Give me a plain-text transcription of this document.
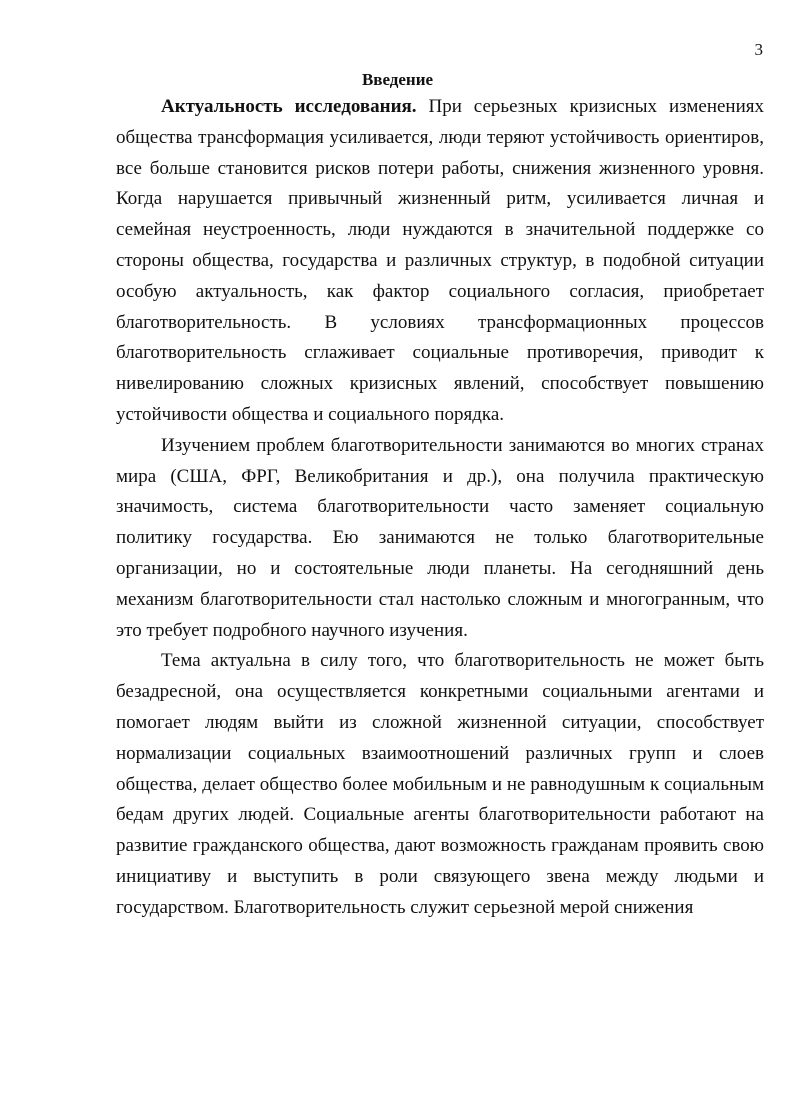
3
Введение

Актуальность исследования. При серьезных кризисных изменениях общества трансформация усиливается, люди теряют устойчивость ориентиров, все больше становится рисков потери работы, снижения жизненного уровня. Когда нарушается привычный жизненный ритм, усиливается личная и семейная неустроенность, люди нуждаются в значительной поддержке со стороны общества, государства и различных структур, в подобной ситуации особую актуальность, как фактор социального согласия, приобретает благотворительность. В условиях трансформационных процессов благотворительность сглаживает социальные противоречия, приводит к нивелированию сложных кризисных явлений, способствует повышению устойчивости общества и социального порядка.

Изучением проблем благотворительности занимаются во многих странах мира (США, ФРГ, Великобритания и др.), она получила практическую значимость, система благотворительности часто заменяет социальную политику государства. Ею занимаются не только благотворительные организации, но и состоятельные люди планеты. На сегодняшний день механизм благотворительности стал настолько сложным и многогранным, что это требует подробного научного изучения.

Тема актуальна в силу того, что благотворительность не может быть безадресной, она осуществляется конкретными социальными агентами и помогает людям выйти из сложной жизненной ситуации, способствует нормализации социальных взаимоотношений различных групп и слоев общества, делает общество более мобильным и не равнодушным к социальным бедам других людей. Социальные агенты благотворительности работают на развитие гражданского общества, дают возможность гражданам проявить свою инициативу и выступить в роли связующего звена между людьми и государством. Благотворительность служит серьезной мерой снижения
